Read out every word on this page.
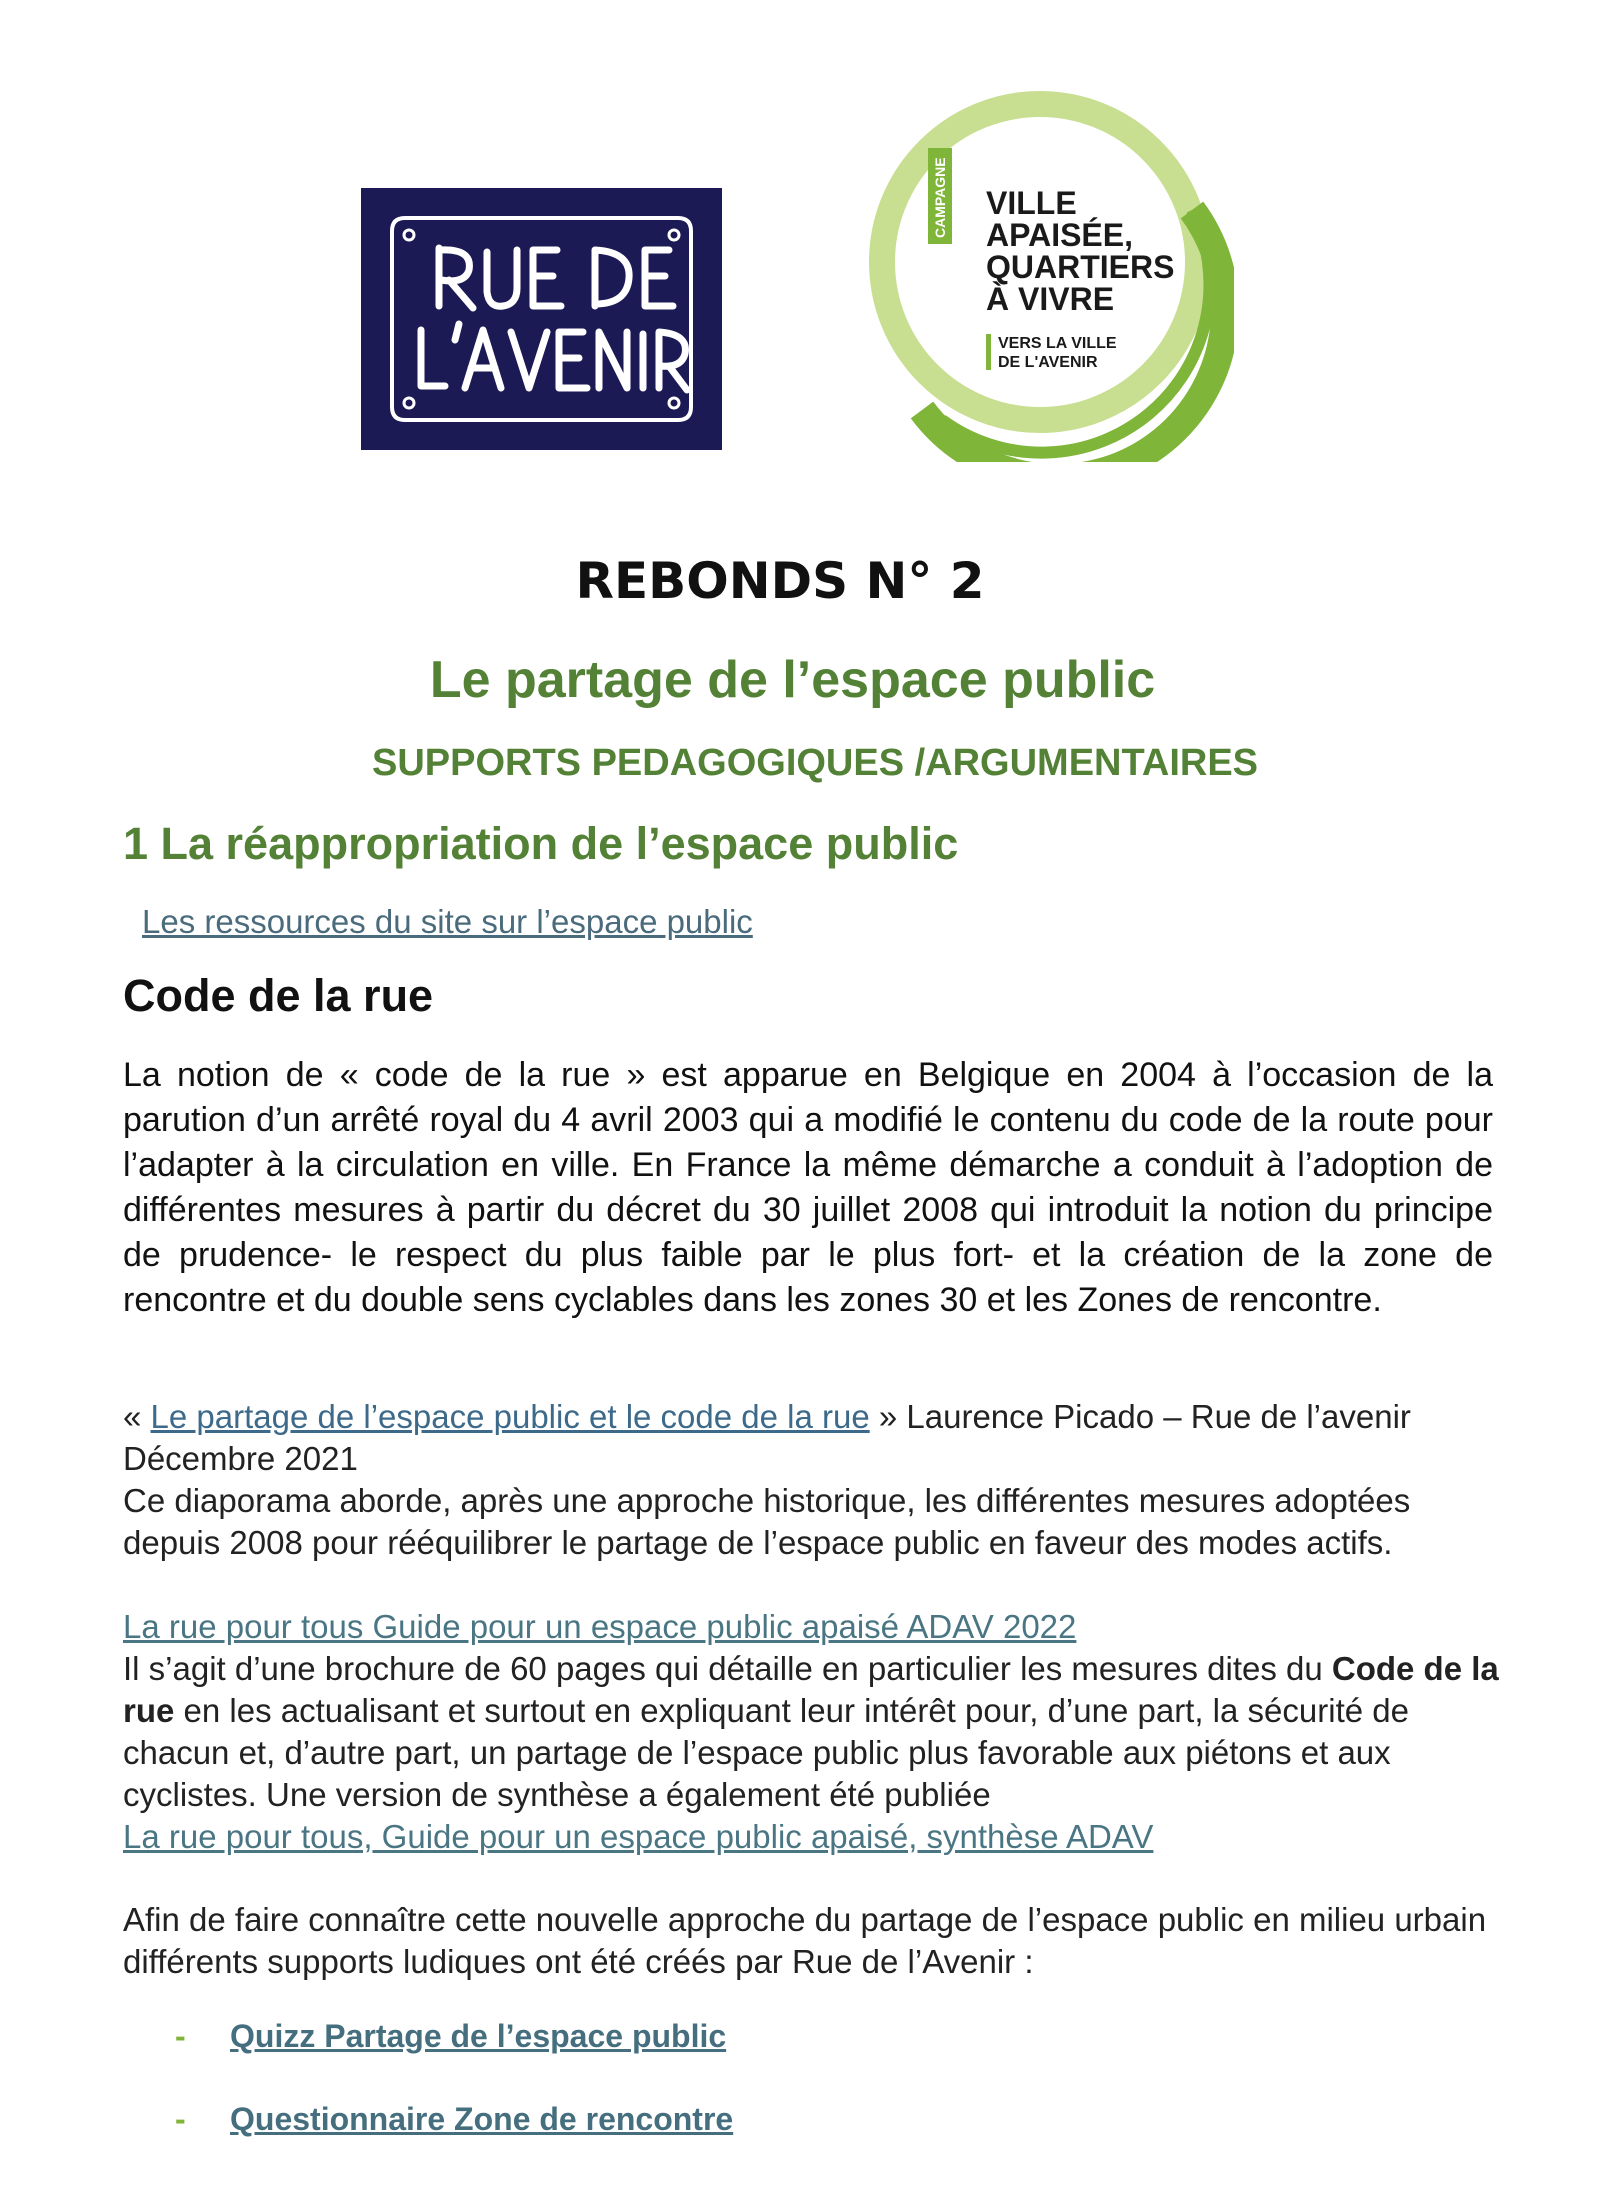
CAMPAGNE VILLE
APAISÉE,
QUARTIERS
À VIVRE
VERS LA VILLE
DE L'AVENIR
REBONDS N° 2
Le partage de l’espace public
SUPPORTS PEDAGOGIQUES /ARGUMENTAIRES
1 La réappropriation de l’espace public
Les ressources du site sur l’espace public
Code de la rue

La notion de « code de la rue » est apparue en Belgique en 2004 à l’occasion de la parution d’un arrêté royal du 4 avril 2003 qui a modifié le contenu du code de la route pour l’adapter à la circulation en ville. En France la même démarche a conduit à l’adoption de différentes mesures à partir du décret du 30 juillet 2008 qui introduit la notion du principe de prudence- le respect du plus faible par le plus fort- et la création de la zone de rencontre et du double sens cyclables dans les zones 30 et les Zones de rencontre.

« Le partage de l’espace public et le code de la rue » Laurence Picado – Rue de l’avenir
Décembre 2021
Ce diaporama aborde, après une approche historique, les différentes mesures adoptées depuis 2008 pour rééquilibrer le partage de l’espace public en faveur des modes actifs.
La rue pour tous Guide pour un espace public apaisé ADAV 2022
Il s’agit d’une brochure de 60 pages qui détaille en particulier les mesures dites du Code de la rue en les actualisant et surtout en expliquant leur intérêt pour, d’une part, la sécurité de chacun et, d’autre part, un partage de l’espace public plus favorable aux piétons et aux cyclistes. Une version de synthèse a également été publiée
La rue pour tous, Guide pour un espace public apaisé, synthèse ADAV

Afin de faire connaître cette nouvelle approche du partage de l’espace public en milieu urbain différents supports ludiques ont été créés par Rue de l’Avenir :

- Quizz Partage de l’espace public
- Questionnaire Zone de rencontre
